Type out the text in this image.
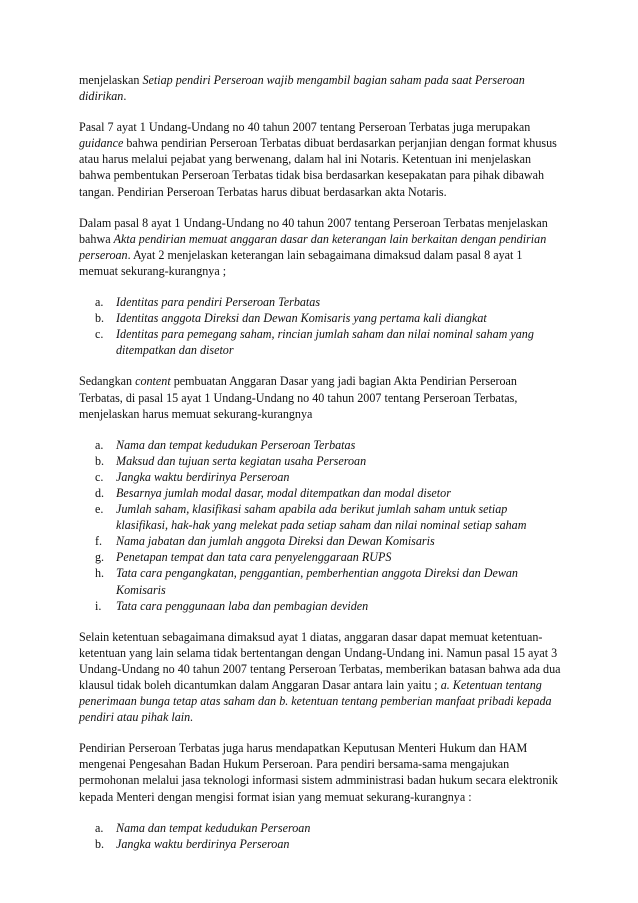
menjelaskan Setiap pendiri Perseroan wajib mengambil bagian saham pada saat Perseroan didirikan.

Pasal 7 ayat 1 Undang-Undang no 40 tahun 2007 tentang Perseroan Terbatas juga merupakan guidance bahwa pendirian Perseroan Terbatas dibuat berdasarkan perjanjian dengan format khusus atau harus melalui pejabat yang berwenang, dalam hal ini Notaris. Ketentuan ini menjelaskan bahwa pembentukan Perseroan Terbatas tidak bisa berdasarkan kesepakatan para pihak dibawah tangan. Pendirian Perseroan Terbatas harus dibuat berdasarkan akta Notaris.

Dalam pasal 8 ayat 1 Undang-Undang no 40 tahun 2007 tentang Perseroan Terbatas menjelaskan bahwa Akta pendirian memuat anggaran dasar dan keterangan lain berkaitan dengan pendirian perseroan. Ayat 2 menjelaskan keterangan lain sebagaimana dimaksud dalam pasal 8 ayat 1 memuat sekurang-kurangnya ;

a. Identitas para pendiri Perseroan Terbatas
b. Identitas anggota Direksi dan Dewan Komisaris yang pertama kali diangkat
c. Identitas para pemegang saham, rincian jumlah saham dan nilai nominal saham yang ditempatkan dan disetor

Sedangkan content pembuatan Anggaran Dasar yang jadi bagian Akta Pendirian Perseroan Terbatas, di pasal 15 ayat 1 Undang-Undang no 40 tahun 2007 tentang Perseroan Terbatas, menjelaskan harus memuat sekurang-kurangnya

a. Nama dan tempat kedudukan Perseroan Terbatas
b. Maksud dan tujuan serta kegiatan usaha Perseroan
c. Jangka waktu berdirinya Perseroan
d. Besarnya jumlah modal dasar, modal ditempatkan dan modal disetor
e. Jumlah saham, klasifikasi saham apabila ada berikut jumlah saham untuk setiap klasifikasi, hak-hak yang melekat pada setiap saham dan nilai nominal setiap saham
f. Nama jabatan dan jumlah anggota Direksi dan Dewan Komisaris
g. Penetapan tempat dan tata cara penyelenggaraan RUPS
h. Tata cara pengangkatan, penggantian, pemberhentian anggota Direksi dan Dewan Komisaris
i. Tata cara penggunaan laba dan pembagian deviden

Selain ketentuan sebagaimana dimaksud ayat 1 diatas, anggaran dasar dapat memuat ketentuan-ketentuan yang lain selama tidak bertentangan dengan Undang-Undang ini. Namun pasal 15 ayat 3 Undang-Undang no 40 tahun 2007 tentang Perseroan Terbatas, memberikan batasan bahwa ada dua klausul tidak boleh dicantumkan dalam Anggaran Dasar antara lain yaitu ; a. Ketentuan tentang penerimaan bunga tetap atas saham dan b. ketentuan tentang pemberian manfaat pribadi kepada pendiri atau pihak lain.

Pendirian Perseroan Terbatas juga harus mendapatkan Keputusan Menteri Hukum dan HAM mengenai Pengesahan Badan Hukum Perseroan. Para pendiri bersama-sama mengajukan permohonan melalui jasa teknologi informasi sistem admministrasi badan hukum secara elektronik kepada Menteri dengan mengisi format isian yang memuat sekurang-kurangnya :

a. Nama dan tempat kedudukan Perseroan
b. Jangka waktu berdirinya Perseroan
